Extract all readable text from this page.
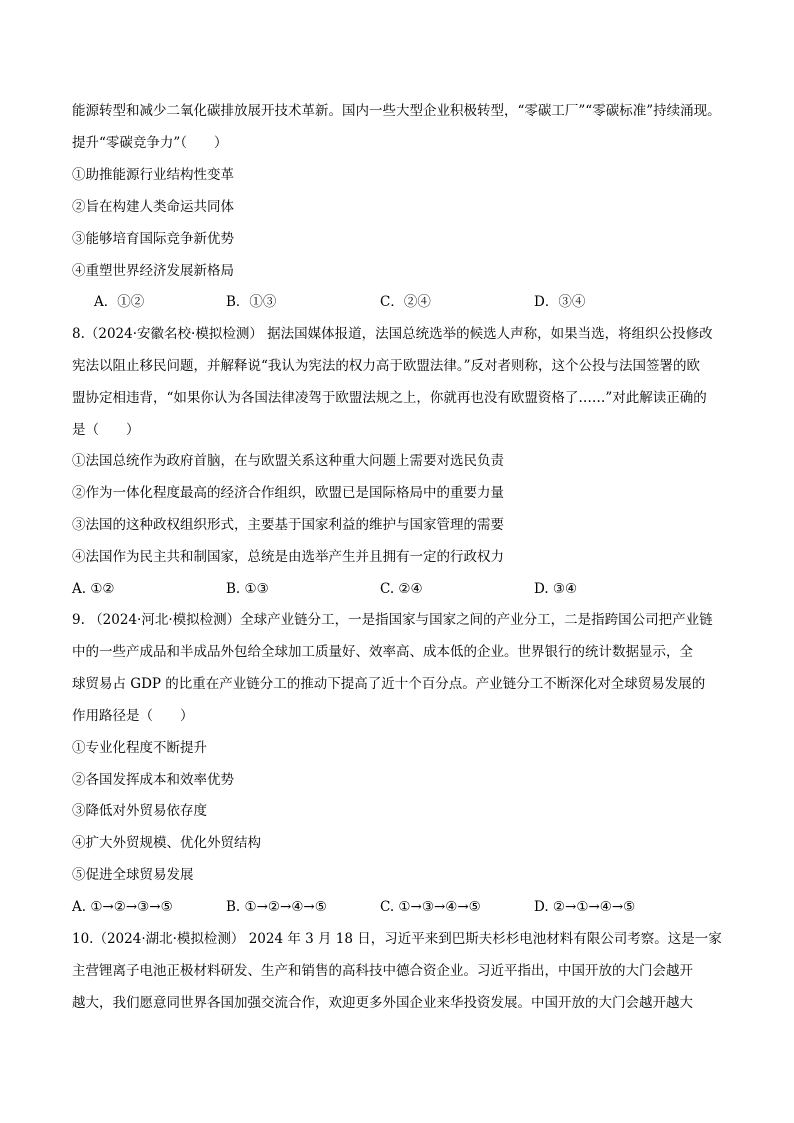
能源转型和减少二氧化碳排放展开技术革新。国内一些大型企业积极转型，“零碳工厂”“零碳标准”持续涌现。
提升“零碳竞争力”（　　）
①助推能源行业结构性变革
②旨在构建人类命运共同体
③能够培育国际竞争新优势
④重塑世界经济发展新格局
A．①②	B．①③	C．②④	D．③④
8.（2024·安徽名校·模拟检测） 据法国媒体报道，法国总统选举的候选人声称，如果当选，将组织公投修改
宪法以阻止移民问题，并解释说“我认为宪法的权力高于欧盟法律。”反对者则称，这个公投与法国签署的欧
盟协定相违背，“如果你认为各国法律凌驾于欧盟法规之上，你就再也没有欧盟资格了……”对此解读正确的
是（　　）
①法国总统作为政府首脑，在与欧盟关系这种重大问题上需要对选民负责
②作为一体化程度最高的经济合作组织，欧盟已是国际格局中的重要力量
③法国的这种政权组织形式，主要基于国家利益的维护与国家管理的需要
④法国作为民主共和制国家，总统是由选举产生并且拥有一定的行政权力
A. ①②	B. ①③	C. ②④	D. ③④
9. （2024·河北·模拟检测）全球产业链分工，一是指国家与国家之间的产业分工，二是指跨国公司把产业链
中的一些产成品和半成品外包给全球加工质量好、效率高、成本低的企业。世界银行的统计数据显示，全
球贸易占 GDP 的比重在产业链分工的推动下提高了近十个百分点。产业链分工不断深化对全球贸易发展的
作用路径是（　　）
①专业化程度不断提升
②各国发挥成本和效率优势
③降低对外贸易依存度
④扩大外贸规模、优化外贸结构
⑤促进全球贸易发展
A. ①→②→③→⑤	B. ①→②→④→⑤	C. ①→③→④→⑤	D. ②→①→④→⑤
10.（2024·湖北·模拟检测） 2024 年 3 月 18 日，习近平来到巴斯夫杉杉电池材料有限公司考察。这是一家
主营锂离子电池正极材料研发、生产和销售的高科技中德合资企业。习近平指出，中国开放的大门会越开
越大，我们愿意同世界各国加强交流合作，欢迎更多外国企业来华投资发展。中国开放的大门会越开越大
